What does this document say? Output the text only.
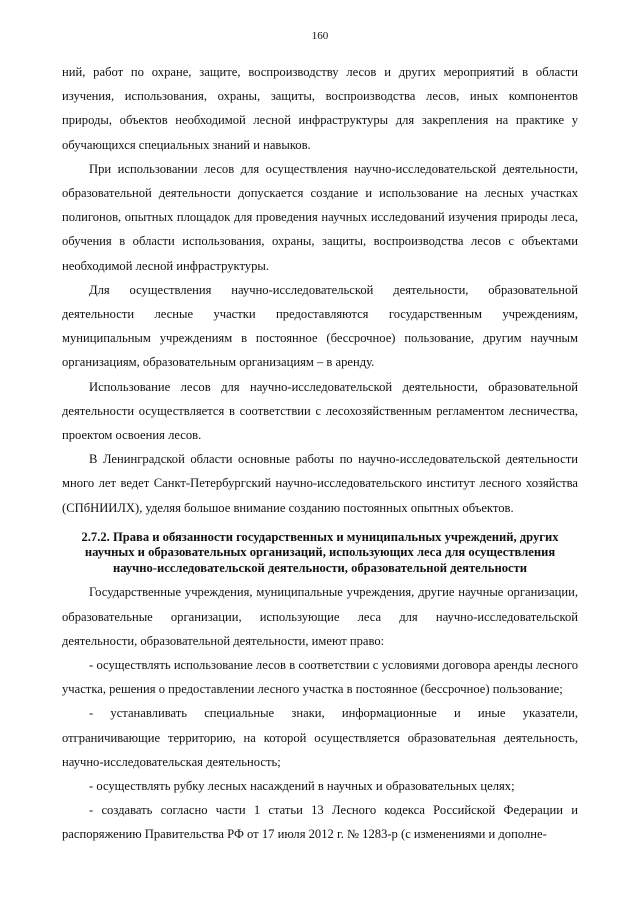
160

ний, работ по охране, защите, воспроизводству лесов и других мероприятий в области изучения, использования, охраны, защиты, воспроизводства лесов, иных компонентов природы, объектов необходимой лесной инфраструктуры для закрепления на практике у обучающихся специальных знаний и навыков.

При использовании лесов для осуществления научно-исследовательской деятельности, образовательной деятельности допускается создание и использование на лесных участках полигонов, опытных площадок для проведения научных исследований изучения природы леса, обучения в области использования, охраны, защиты, воспроизводства лесов с объектами необходимой лесной инфраструктуры.

Для осуществления научно-исследовательской деятельности, образовательной деятельности лесные участки предоставляются государственным учреждениям, муниципальным учреждениям в постоянное (бессрочное) пользование, другим научным организациям, образовательным организациям – в аренду.

Использование лесов для научно-исследовательской деятельности, образовательной деятельности осуществляется в соответствии с лесохозяйственным регламентом лесничества, проектом освоения лесов.

В Ленинградской области основные работы по научно-исследовательской деятельности много лет ведет Санкт-Петербургский научно-исследовательского институт лесного хозяйства (СПбНИИЛХ), уделяя большое внимание созданию постоянных опытных объектов.

2.7.2. Права и обязанности государственных и муниципальных учреждений, других научных и образовательных организаций, использующих леса для осуществления научно-исследовательской деятельности, образовательной деятельности

Государственные учреждения, муниципальные учреждения, другие научные организации, образовательные организации, использующие леса для научно-исследовательской деятельности, образовательной деятельности, имеют право:

- осуществлять использование лесов в соответствии с условиями договора аренды лесного участка, решения о предоставлении лесного участка в постоянное (бессрочное) пользование;

- устанавливать специальные знаки, информационные и иные указатели, отграничивающие территорию, на которой осуществляется образовательная деятельность, научно-исследовательская деятельность;

- осуществлять рубку лесных насаждений в научных и образовательных целях;

- создавать согласно части 1 статьи 13 Лесного кодекса Российской Федерации и распоряжению Правительства РФ от 17 июля 2012 г. № 1283-р (с изменениями и дополне-
